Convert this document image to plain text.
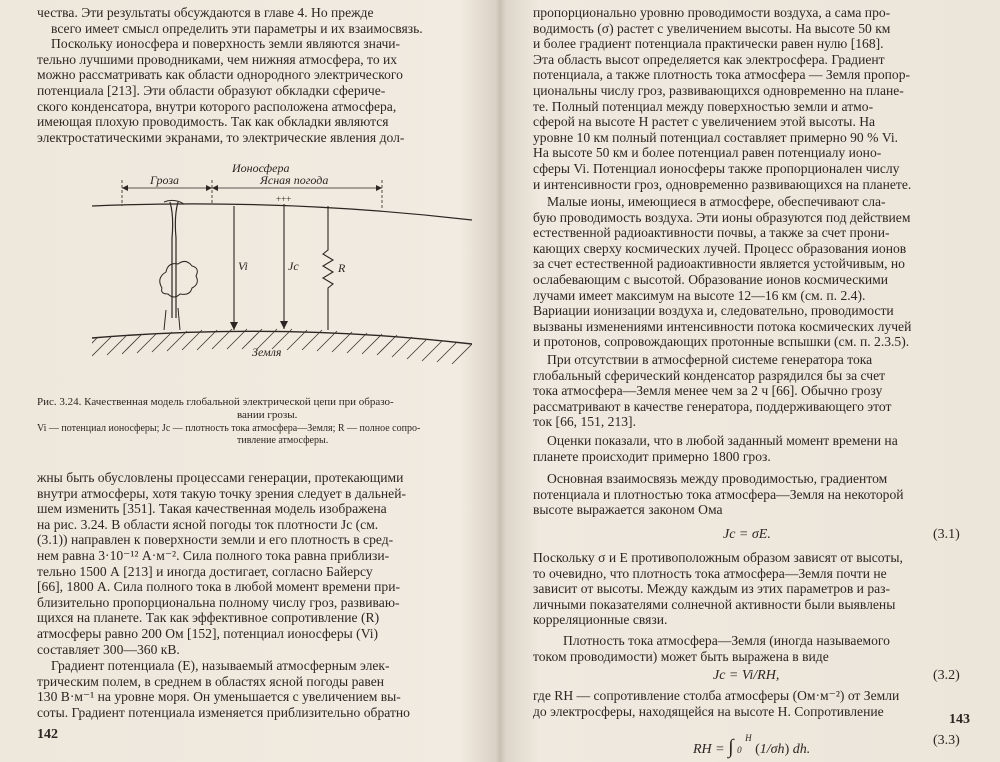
чества. Эти результаты обсуждаются в главе 4. Но прежде
всего имеет смысл определить эти параметры и их взаимосвязь.
Поскольку ионосфера и поверхность земли являются значи-
тельно лучшими проводниками, чем нижняя атмосфера, то их
можно рассматривать как области однородного электрического
потенциала [213]. Эти области образуют обкладки сфериче-
ского конденсатора, внутри которого расположена атмосфера,
имеющая плохую проводимость. Так как обкладки являются
электростатическими экранами, то электрические явления дол-
Ионосфера
Гроза	Ясная погода
+++
Vi	Jc	R
Земля
Рис. 3.24. Качественная модель глобальной электрической цепи при образо-
вании грозы.
Vi — потенциал ионосферы; Jc — плотность тока атмосфера—Земля; R — полное сопро-
тивление атмосферы.
жны быть обусловлены процессами генерации, протекающими
внутри атмосферы, хотя такую точку зрения следует в дальней-
шем изменить [351]. Такая качественная модель изображена
на рис. 3.24. В области ясной погоды ток плотности Jc (см.
(3.1)) направлен к поверхности земли и его плотность в сред-
нем равна 3·10⁻¹² А·м⁻². Сила полного тока равна приблизи-
тельно 1500 А [213] и иногда достигает, согласно Байерсу
[66], 1800 А. Сила полного тока в любой момент времени при-
близительно пропорциональна полному числу гроз, развиваю-
щихся на планете. Так как эффективное сопротивление (R)
атмосферы равно 200 Ом [152], потенциал ионосферы (Vi)
составляет 300—360 кВ.
Градиент потенциала (E), называемый атмосферным элек-
трическим полем, в среднем в областях ясной погоды равен
130 В·м⁻¹ на уровне моря. Он уменьшается с увеличением вы-
соты. Градиент потенциала изменяется приблизительно обратно
142
пропорционально уровню проводимости воздуха, а сама про-
водимость (σ) растет с увеличением высоты. На высоте 50 км
и более градиент потенциала практически равен нулю [168].
Эта область высот определяется как электросфера. Градиент
потенциала, а также плотность тока атмосфера — Земля пропор-
циональны числу гроз, развивающихся одновременно на плане-
те. Полный потенциал между поверхностью земли и атмо-
сферой на высоте H растет с увеличением этой высоты. На
уровне 10 км полный потенциал составляет примерно 90 % Vi.
На высоте 50 км и более потенциал равен потенциалу ионо-
сферы Vi. Потенциал ионосферы также пропорционален числу
и интенсивности гроз, одновременно развивающихся на планете.
Малые ионы, имеющиеся в атмосфере, обеспечивают сла-
бую проводимость воздуха. Эти ионы образуются под действием
естественной радиоактивности почвы, а также за счет прони-
кающих сверху космических лучей. Процесс образования ионов
за счет естественной радиоактивности является устойчивым, но
ослабевающим с высотой. Образование ионов космическими
лучами имеет максимум на высоте 12—16 км (см. п. 2.4).
Вариации ионизации воздуха и, следовательно, проводимости
вызваны изменениями интенсивности потока космических лучей
и протонов, сопровождающих протонные вспышки (см. п. 2.3.5).
При отсутствии в атмосферной системе генератора тока
глобальный сферический конденсатор разрядился бы за счет
тока атмосфера—Земля менее чем за 2 ч [66]. Обычно грозу
рассматривают в качестве генератора, поддерживающего этот
ток [66, 151, 213].
Оценки показали, что в любой заданный момент времени на
планете происходит примерно 1800 гроз.
Основная взаимосвязь между проводимостью, градиентом
потенциала и плотностью тока атмосфера—Земля на некоторой
высоте выражается законом Ома
Jc = σE.	(3.1)
Поскольку σ и E противоположным образом зависят от высоты,
то очевидно, что плотность тока атмосфера—Земля почти не
зависит от высоты. Между каждым из этих параметров и раз-
личными показателями солнечной активности были выявлены
корреляционные связи.
Плотность тока атмосфера—Земля (иногда называемого
током проводимости) может быть выражена в виде
Jc = Vi/RH,	(3.2)
где RH — сопротивление столба атмосферы (Ом·м⁻²) от Земли
до электросферы, находящейся на высоте H. Сопротивление
RH = ∫ 0 $^H$ (1/σh) dh.
(3.3)
143
